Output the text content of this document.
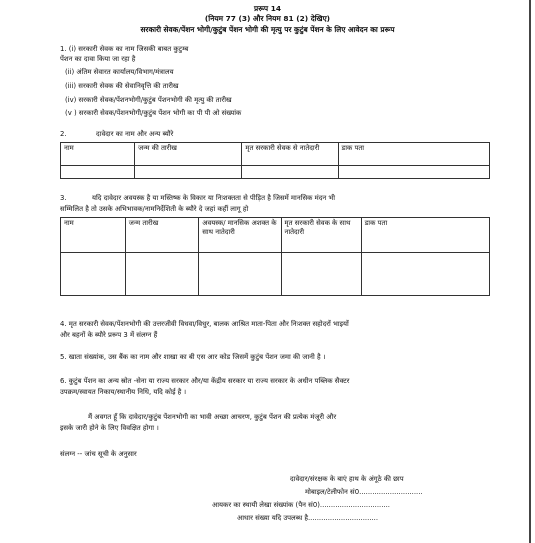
प्ररूप 14
(नियम 77 (3) और नियम 81 (2) देखिए)
सरकारी सेवक/पेंशन भोगी/कुटुंब पेंशन भोगी की मृत्यु पर कुटुंब पेंशन के लिए आवेदन का प्ररूप
1. (i) सरकारी सेवक का नाम जिसकी बाबत कुटुम्ब
पेंशन का दावा किया जा रहा है
(ii) अंतिम सेवारत कार्यालय/विभाग/मंत्रालय
(iii) सरकारी सेवक की सेवानिवृत्ति की तारीख
(iv) सरकारी सेवक/पेंशनभोगी/कुटुंब पेंशनभोगी की मृत्यु की तारीख
(v ) सरकारी सेवक/पेंशनभोगी/कुटुंब पेंशन भोगी का पी पी ओ संख्यांक
2.	दावेदार का नाम और अन्य ब्यौरे
नाम	जन्म की तारीख	मृत सरकारी सेवक से नातेदारी	डाक पता

3.	यदि दावेदार अवयस्क है या मस्तिष्क के विकार या निःशक्तता से पीड़ित है जिसमें मानसिक मंदन भी
सम्मिलित है तो उसके अभिभावक/नामनिर्देशिती के ब्यौरे दे जहां कहीं लागू हो
नाम	जन्म तारीख	अवयस्क/ मानसिक अशक्त के साथ नातेदारी	मृत सरकारी सेवक के साथ नातेदारी	डाक पता

4. मृत सरकारी सेवक/पेंशनभोगी की उत्तरजीवी विधवा/विधुर, बालक आश्रित माता-पिता और निःशक्त सहोदरों भाइयों
और बहनों के ब्यौरे प्ररूप 3 में संलग्न हैं
5. खाता संख्यांक, उस बैंक का नाम और शाखा का बी एस आर कोड जिसमें कुटुंब पेंशन जमा की जानी है ।
6. कुटुंब पेंशन का अन्य स्रोत -सेना या राज्य सरकार और/या केंद्रीय सरकार या राज्य सरकार के अधीन पब्लिक सैक्टर
उपक्रम/स्वायत निकाय/स्थानीय निधि, यदि कोई है ।
मैं अवगत हूँ कि दावेदार/कुटुंब पेंशनभोगी का भावी अच्छा आचरण, कुटुंब पेंशन की प्रत्येक मंजूरी और
इसके जारी होने के लिए विवक्षित होगा ।
संलग्न -- जांच सूची के अनुसार
दावेदार/संरक्षक के बाएं हाथ के अंगूठे की छाप
मोबाइल/टेलीफोन सं0.............................
आयकर का स्थायी लेखा संख्यांक (पैन सं0)................................
आधार संख्या यदि उपलब्ध है................................
